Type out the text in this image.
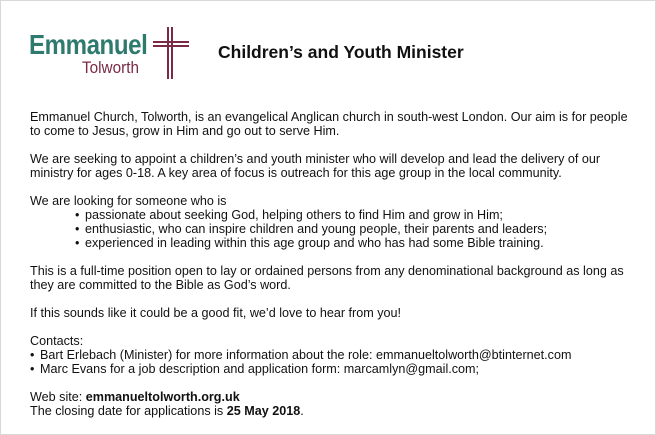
Emmanuel
Tolworth
Children’s and Youth Minister

Emmanuel Church, Tolworth, is an evangelical Anglican church in south-west London. Our aim is for people to come to Jesus, grow in Him and go out to serve Him.

We are seeking to appoint a children’s and youth minister who will develop and lead the delivery of our ministry for ages 0-18. A key area of focus is outreach for this age group in the local community.

We are looking for someone who is
• passionate about seeking God, helping others to find Him and grow in Him;
• enthusiastic, who can inspire children and young people, their parents and leaders;
• experienced in leading within this age group and who has had some Bible training.

This is a full-time position open to lay or ordained persons from any denominational background as long as they are committed to the Bible as God’s word.

If this sounds like it could be a good fit, we’d love to hear from you!

Contacts:
• Bart Erlebach (Minister) for more information about the role: emmanueltolworth@btinternet.com
• Marc Evans for a job description and application form: marcamlyn@gmail.com;
Web site: emmanueltolworth.org.uk
The closing date for applications is 25 May 2018.
